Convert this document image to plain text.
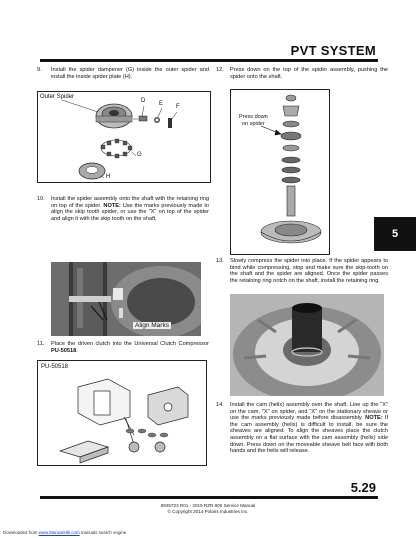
PVT SYSTEM
9. Install the spider dampener (G) inside the outer spider and install the inside spider plate (H).
Outer Spider
D E F
G
H
10. Install the spider assembly onto the shaft with the retaining ring on top of the spider. NOTE: Use the marks previously made to align the skip tooth spider, or use the "X" on top of the spider and align it with the skip tooth on the shaft.
Align Marks
11. Place the driven clutch into the Universal Clutch Compressor PU-50518.
PU-50518
12. Press down on the top of the spider assembly, pushing the spider onto the shaft.
Press down
on spider
13. Slowly compress the spider into place. If the spider appears to bind while compressing, stop and make sure the skip-tooth on the shaft and the spider are aligned. Once the spider passes the retaining ring notch on the shaft, install the retaining ring.
14. Install the cam (helix) assembly over the shaft. Line up the "X" on the cam, "X" on spider, and "X" on the stationary sheave or use the marks previously made before disassembly. NOTE: If the cam assembly (helix) is difficult to install, be sure the sheaves are aligned. To align the sheaves place the clutch assembly on a flat surface with the cam assembly (helix) side down. Press down on the moveable sheave belt face with both hands and the helix will release.
5
5.29
9925723 R01 - 2015 RZR 900 Service Manual
© Copyright 2014 Polaris Industries Inc.
Downloaded from www.Manualslib.com manuals search engine
